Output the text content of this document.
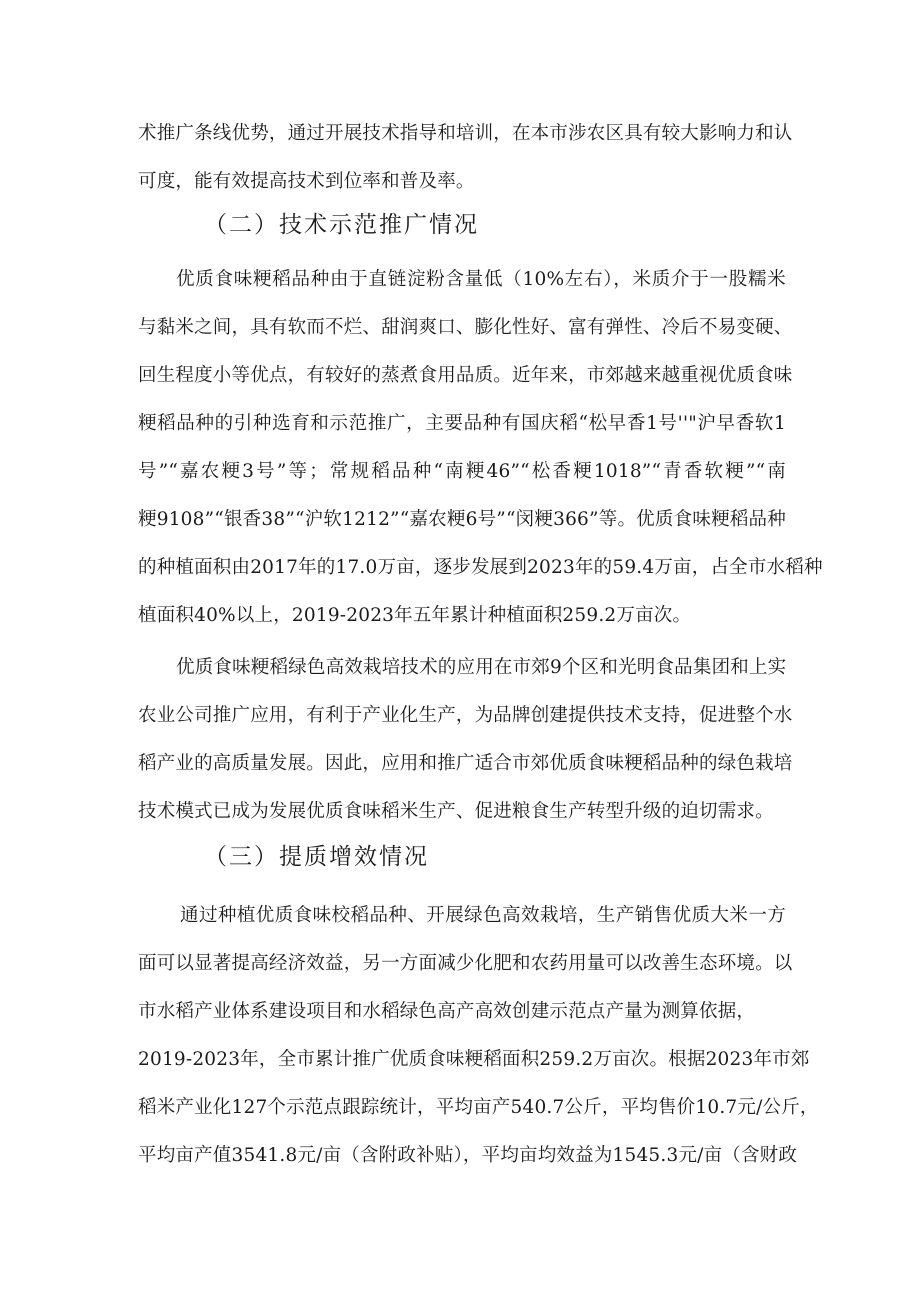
术推广条线优势，通过开展技术指导和培训，在本市涉农区具有较大影响力和认
可度，能有效提高技术到位率和普及率。
（二）技术示范推广情况
优质食味粳稻品种由于直链淀粉含量低（10%左右），米质介于一股糯米
与黏米之间，具有软而不烂、甜润爽口、膨化性好、富有弹性、冷后不易变硬、
回生程度小等优点，有较好的蒸煮食用品质。近年来，市郊越来越重视优质食味
粳稻品种的引种选育和示范推广，主要品种有国庆稻“松早香1号''"沪早香软1
号”“嘉农粳3号”等；常规稻品种“南粳46”“松香粳1018”“青香软粳”“南
粳9108”“银香38”“沪软1212”“嘉农粳6号”“闵粳366”等。优质食味粳稻品种
的种植面积由2017年的17.0万亩，逐步发展到2023年的59.4万亩，占全市水稻种
植面积40%以上，2019-2023年五年累计种植面积259.2万亩次。
优质食味粳稻绿色高效栽培技术的应用在市郊9个区和光明食品集团和上实
农业公司推广应用，有利于产业化生产，为品牌创建提供技术支持，促进整个水
稻产业的高质量发展。因此，应用和推广适合市郊优质食味粳稻品种的绿色栽培
技术模式已成为发展优质食味稻米生产、促进粮食生产转型升级的迫切需求。
（三）提质增效情况
通过种植优质食味校稻品种、开展绿色高效栽培，生产销售优质大米一方
面可以显著提高经济效益，另一方面减少化肥和农药用量可以改善生态环境。以
市水稻产业体系建设项目和水稻绿色高产高效创建示范点产量为测算依据，
2019-2023年，全市累计推广优质食味粳稻面积259.2万亩次。根据2023年市郊
稻米产业化127个示范点跟踪统计，平均亩产540.7公斤，平均售价10.7元/公斤，
平均亩产值3541.8元/亩（含附政补贴），平均亩均效益为1545.3元/亩（含财政
